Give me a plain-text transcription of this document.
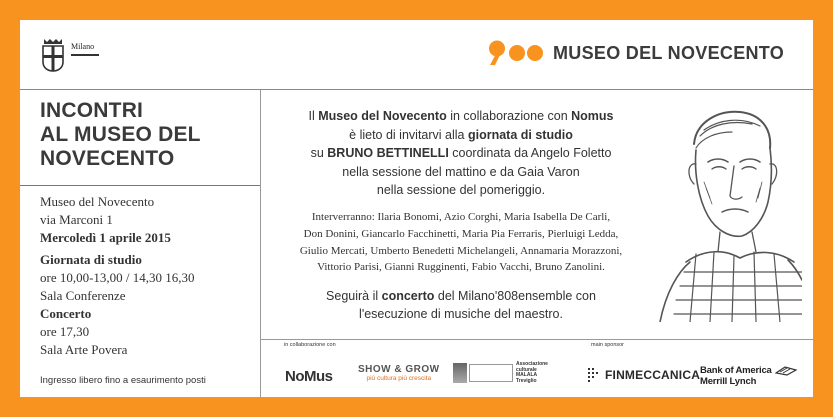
Milano	MUSEO DEL NOVECENTO
INCONTRI
AL MUSEO DEL
NOVECENTO
Museo del Novecento
via Marconi 1
Mercoledì 1 aprile 2015
Giornata di studio
ore 10,00-13,00 / 14,30 16,30
Sala Conferenze
Concerto
ore 17,30
Sala Arte Povera
Ingresso libero fino a esaurimento posti
Il Museo del Novecento in collaborazione con Nomus
è lieto di invitarvi alla giornata di studio
su BRUNO BETTINELLI coordinata da Angelo Foletto
nella sessione del mattino e da Gaia Varon
nella sessione del pomeriggio.
Interverranno: Ilaria Bonomi, Azio Corghi, Maria Isabella De Carli,
Don Donini, Giancarlo Facchinetti, Maria Pia Ferraris, Pierluigi Ledda,
Giulio Mercati, Umberto Benedetti Michelangeli, Annamaria Morazzoni,
Vittorio Parisi, Gianni Rugginenti, Fabio Vacchi, Bruno Zanolini.
Seguirà il concerto del Milano'808ensemble con
l'esecuzione di musiche del maestro.
in collaborazione con	main sponsor
NoMus	SHOW & GROW
più cultura più crescita
Associazione
culturale
MALALA
Treviglio	FINMECCANICA Bank of America
Merrill Lynch
